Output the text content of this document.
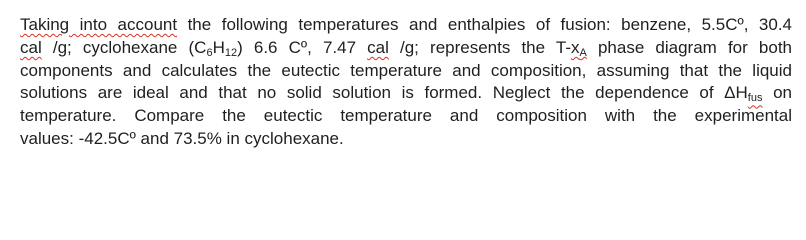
Taking into account the following temperatures and enthalpies of fusion: benzene, 5.5Cº, 30.4
cal /g; cyclohexane $(C_6H_{12})$ 6.6 Cº, 7.47 cal /g; represents the $T-x_A$ phase diagram for both
components and calculates the eutectic temperature and composition, assuming that the liquid
solutions are ideal and that no solid solution is formed. Neglect the dependence of $\Delta H_{fus}$ on
temperature. Compare the eutectic temperature and composition with the experimental
values: -42.5Cº and 73.5% in cyclohexane.
